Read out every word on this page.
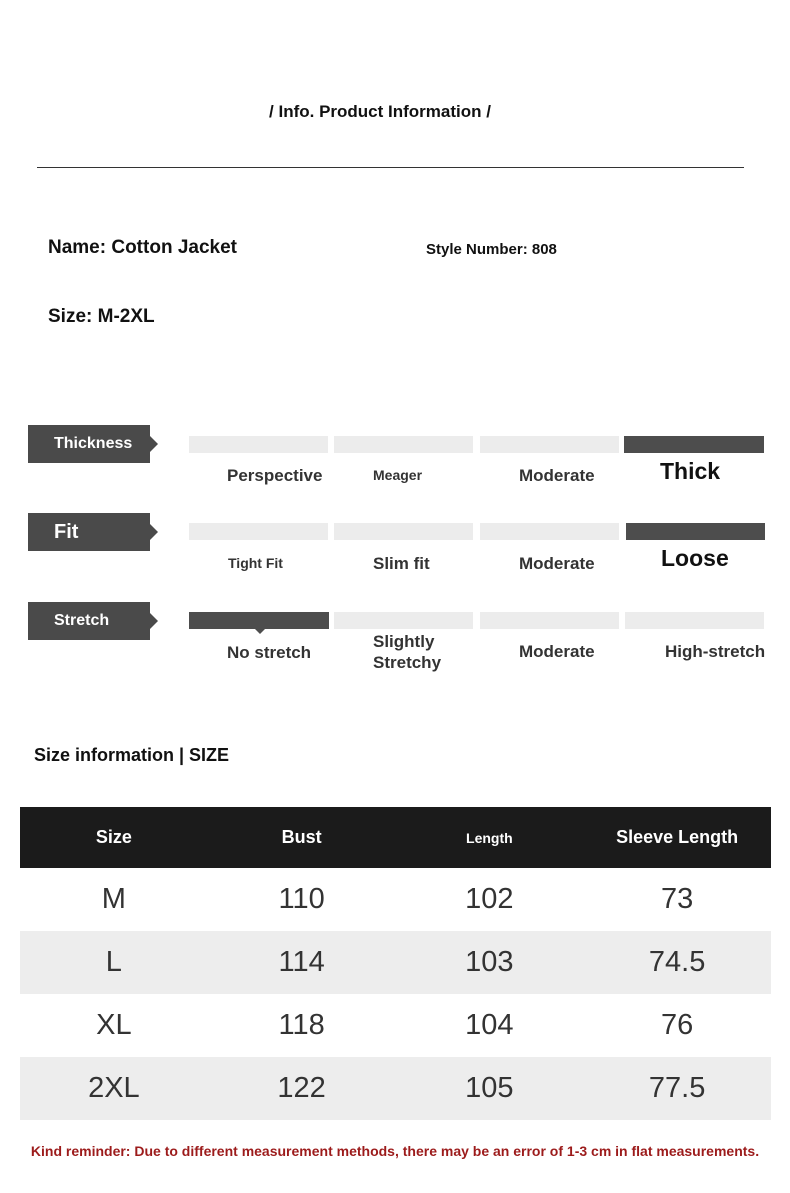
/ Info. Product Information /
Name: Cotton Jacket	Style Number: 808
Size: M-2XL
Thickness
Perspective	Meager	Moderate	Thick
Fit
Tight Fit	Slim fit	Moderate	Loose
Stretch
No stretch
Slightly Stretchy
Moderate	High-stretch
Size information | SIZE
Size	Bust	Length	Sleeve Length
M	110	102	73
L	114	103	74.5
XL	118	104	76
2XL	122	105	77.5
Kind reminder: Due to different measurement methods, there may be an error of 1-3 cm in flat measurements.
